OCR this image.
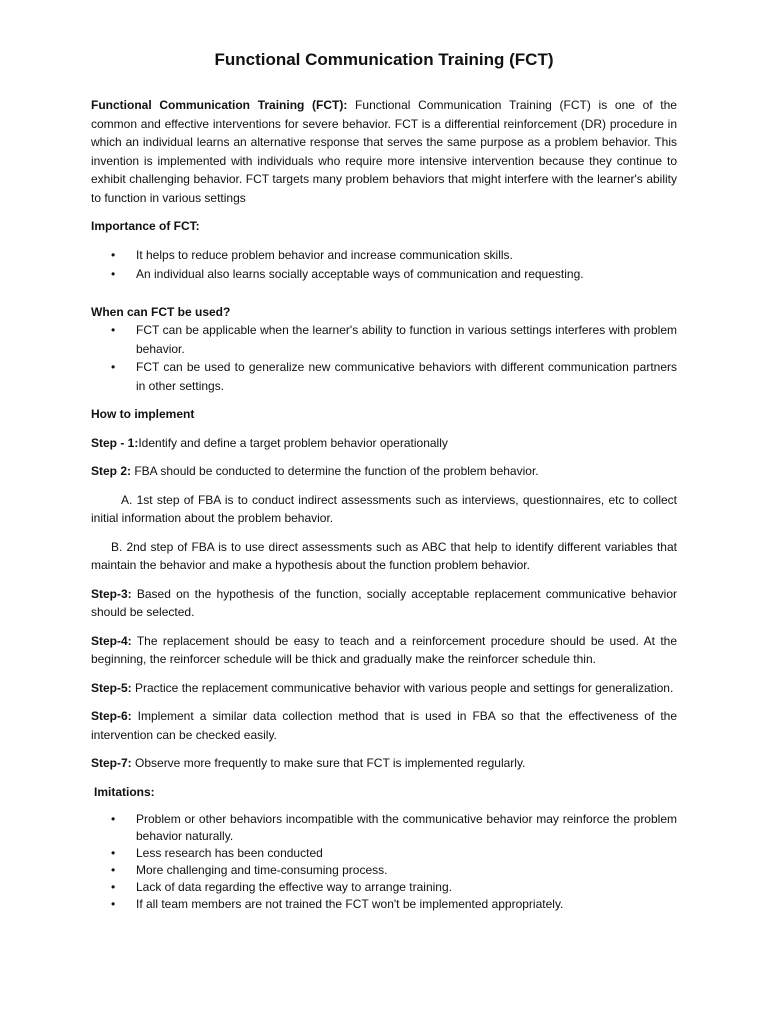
Functional Communication Training (FCT)

Functional Communication Training (FCT): Functional Communication Training (FCT) is one of the common and effective interventions for severe behavior. FCT is a differential reinforcement (DR) procedure in which an individual learns an alternative response that serves the same purpose as a problem behavior. This invention is implemented with individuals who require more intensive intervention because they continue to exhibit challenging behavior. FCT targets many problem behaviors that might interfere with the learner's ability to function in various settings

Importance of FCT:

• It helps to reduce problem behavior and increase communication skills.
• An individual also learns socially acceptable ways of communication and requesting.

When can FCT be used?

• FCT can be applicable when the learner's ability to function in various settings interferes with problem behavior.
• FCT can be used to generalize new communicative behaviors with different communication partners in other settings.

How to implement

Step - 1:Identify and define a target problem behavior operationally

Step 2: FBA should be conducted to determine the function of the problem behavior.

A. 1st step of FBA is to conduct indirect assessments such as interviews, questionnaires, etc to collect initial information about the problem behavior.

B. 2nd step of FBA is to use direct assessments such as ABC that help to identify different variables that maintain the behavior and make a hypothesis about the function problem behavior.

Step-3: Based on the hypothesis of the function, socially acceptable replacement communicative behavior should be selected.

Step-4: The replacement should be easy to teach and a reinforcement procedure should be used. At the beginning, the reinforcer schedule will be thick and gradually make the reinforcer schedule thin.

Step-5: Practice the replacement communicative behavior with various people and settings for generalization.

Step-6: Implement a similar data collection method that is used in FBA so that the effectiveness of the intervention can be checked easily.

Step-7: Observe more frequently to make sure that FCT is implemented regularly.

Imitations:

• Problem or other behaviors incompatible with the communicative behavior may reinforce the problem behavior naturally.
• Less research has been conducted
• More challenging and time-consuming process.
• Lack of data regarding the effective way to arrange training.
• If all team members are not trained the FCT won't be implemented appropriately.
